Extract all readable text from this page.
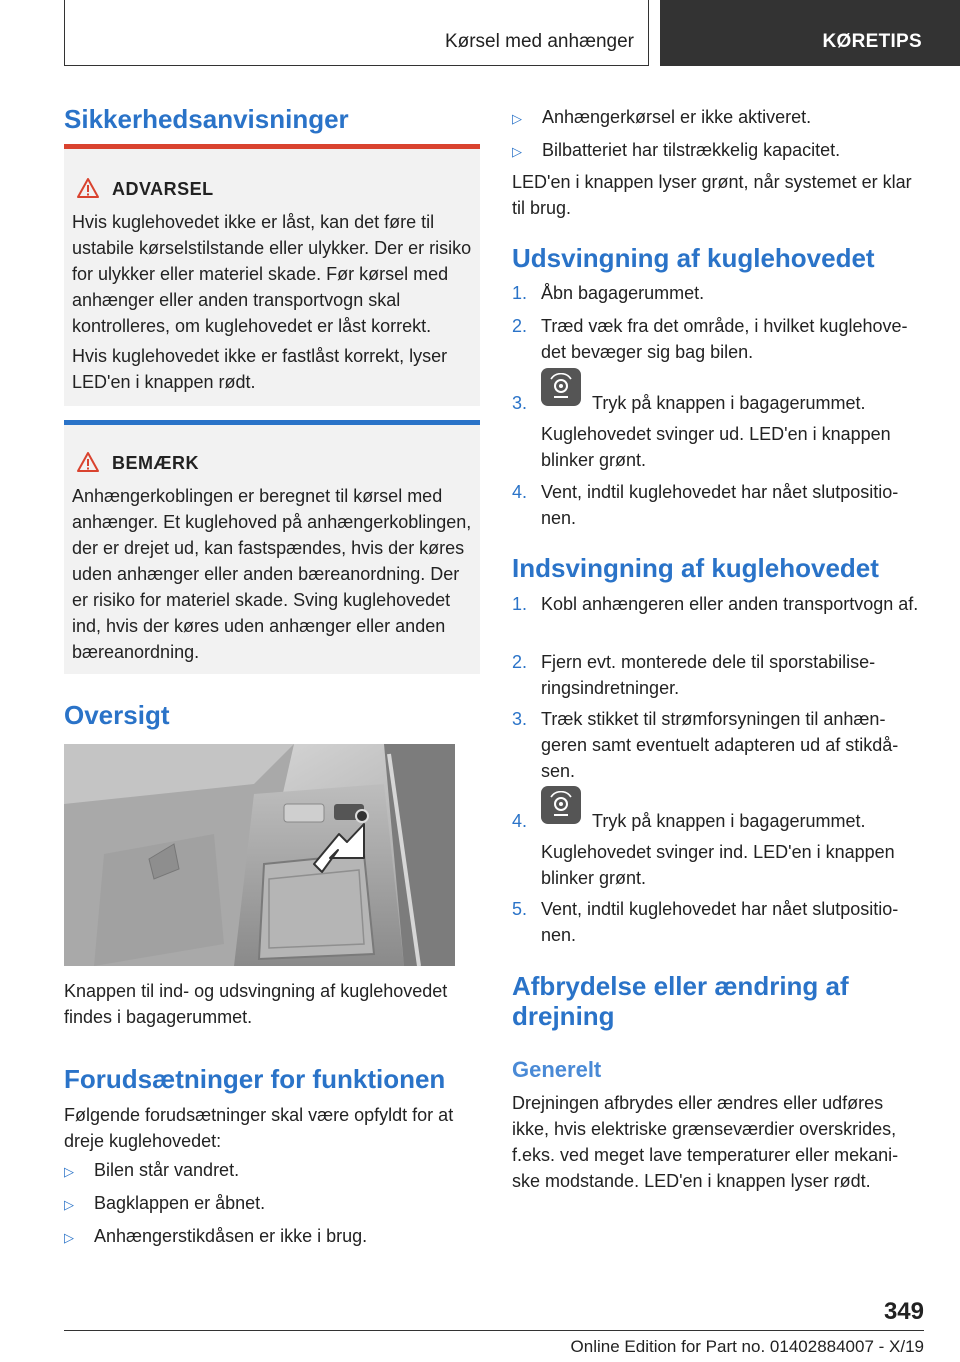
Kørsel med anhænger	KØRETIPS
Sikkerhedsanvisninger
ADVARSEL

Hvis kuglehovedet ikke er låst, kan det føre til ustabile kørselstilstande eller ulykker. Der er risiko for ulykker eller materiel skade. Før kørsel med anhænger eller anden transportvogn skal kontrolleres, om kuglehovedet er låst korrekt.

Hvis kuglehovedet ikke er fastlåst korrekt, lyser LED'en i knappen rødt.

BEMÆRK

Anhængerkoblingen er beregnet til kørsel med anhænger. Et kuglehoved på anhængerkoblingen, der er drejet ud, kan fastspændes, hvis der køres uden anhænger eller anden bæreanordning. Der er risiko for materiel skade. Sving kuglehovedet ind, hvis der køres uden anhænger eller anden bæreanordning.

Oversigt

Knappen til ind- og udsvingning af kuglehovedet findes i bagagerummet.

Forudsætninger for funktionen

Følgende forudsætninger skal være opfyldt for at dreje kuglehovedet:

▷ Bilen står vandret.
▷ Bagklappen er åbnet.
▷ Anhængerstikdåsen er ikke i brug.
▷ Anhængerkørsel er ikke aktiveret.
▷ Bilbatteriet har tilstrækkelig kapacitet.

LED'en i knappen lyser grønt, når systemet er klar til brug.

Udsvingning af kuglehovedet
1. Åbn bagagerummet.
2. Træd væk fra det område, i hvilket kuglehovedet bevæger sig bag bilen.
3.	Tryk på knappen i bagagerummet.
Kuglehovedet svinger ud. LED'en i knappen blinker grønt.
4. Vent, indtil kuglehovedet har nået slutpositionen.
Indsvingning af kuglehovedet
1. Kobl anhængeren eller anden transportvogn af.
2. Fjern evt. monterede dele til sporstabiliseringsindretninger.
3. Træk stikket til strømforsyningen til anhængeren samt eventuelt adapteren ud af stikdåsen.
4.	Tryk på knappen i bagagerummet.
Kuglehovedet svinger ind. LED'en i knappen blinker grønt.
5. Vent, indtil kuglehovedet har nået slutpositionen.
Afbrydelse eller ændring af drejning
Generelt

Drejningen afbrydes eller ændres eller udføres ikke, hvis elektriske grænseværdier overskrides, f.eks. ved meget lave temperaturer eller mekaniske modstande. LED'en i knappen lyser rødt.

349
Online Edition for Part no. 01402884007 - X/19
